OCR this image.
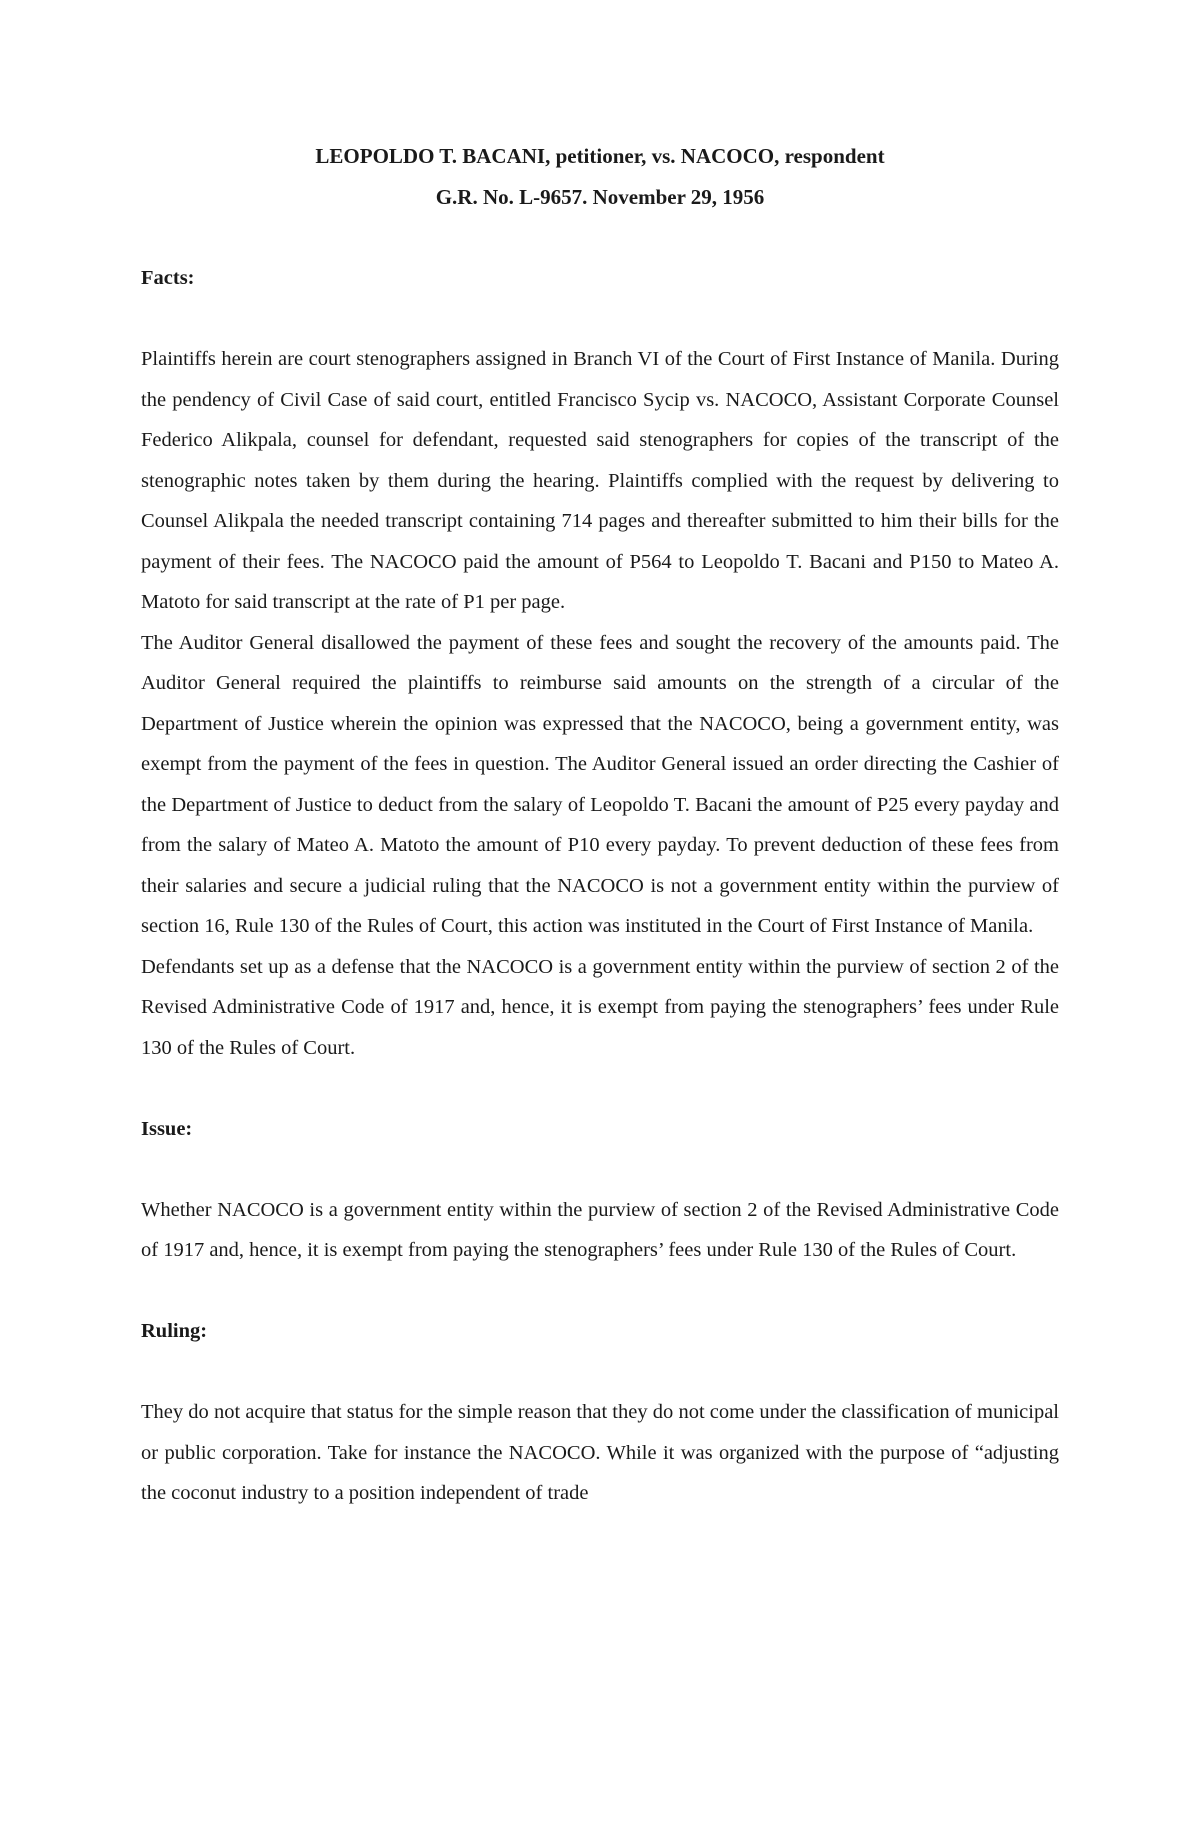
LEOPOLDO T. BACANI, petitioner, vs. NACOCO, respondent

G.R. No. L-9657. November 29, 1956

Facts:

Plaintiffs herein are court stenographers assigned in Branch VI of the Court of First Instance of Manila. During the pendency of Civil Case of said court, entitled Francisco Sycip vs. NACOCO, Assistant Corporate Counsel Federico Alikpala, counsel for defendant, requested said stenographers for copies of the transcript of the stenographic notes taken by them during the hearing. Plaintiffs complied with the request by delivering to Counsel Alikpala the needed transcript containing 714 pages and thereafter submitted to him their bills for the payment of their fees. The NACOCO paid the amount of P564 to Leopoldo T. Bacani and P150 to Mateo A. Matoto for said transcript at the rate of P1 per page.

The Auditor General disallowed the payment of these fees and sought the recovery of the amounts paid. The Auditor General required the plaintiffs to reimburse said amounts on the strength of a circular of the Department of Justice wherein the opinion was expressed that the NACOCO, being a government entity, was exempt from the payment of the fees in question. The Auditor General issued an order directing the Cashier of the Department of Justice to deduct from the salary of Leopoldo T. Bacani the amount of P25 every payday and from the salary of Mateo A. Matoto the amount of P10 every payday. To prevent deduction of these fees from their salaries and secure a judicial ruling that the NACOCO is not a government entity within the purview of section 16, Rule 130 of the Rules of Court, this action was instituted in the Court of First Instance of Manila.

Defendants set up as a defense that the NACOCO is a government entity within the purview of section 2 of the Revised Administrative Code of 1917 and, hence, it is exempt from paying the stenographers’ fees under Rule 130 of the Rules of Court.

Issue:

Whether NACOCO is a government entity within the purview of section 2 of the Revised Administrative Code of 1917 and, hence, it is exempt from paying the stenographers’ fees under Rule 130 of the Rules of Court.

Ruling:

They do not acquire that status for the simple reason that they do not come under the classification of municipal or public corporation. Take for instance the NACOCO. While it was organized with the purpose of “adjusting the coconut industry to a position independent of trade
